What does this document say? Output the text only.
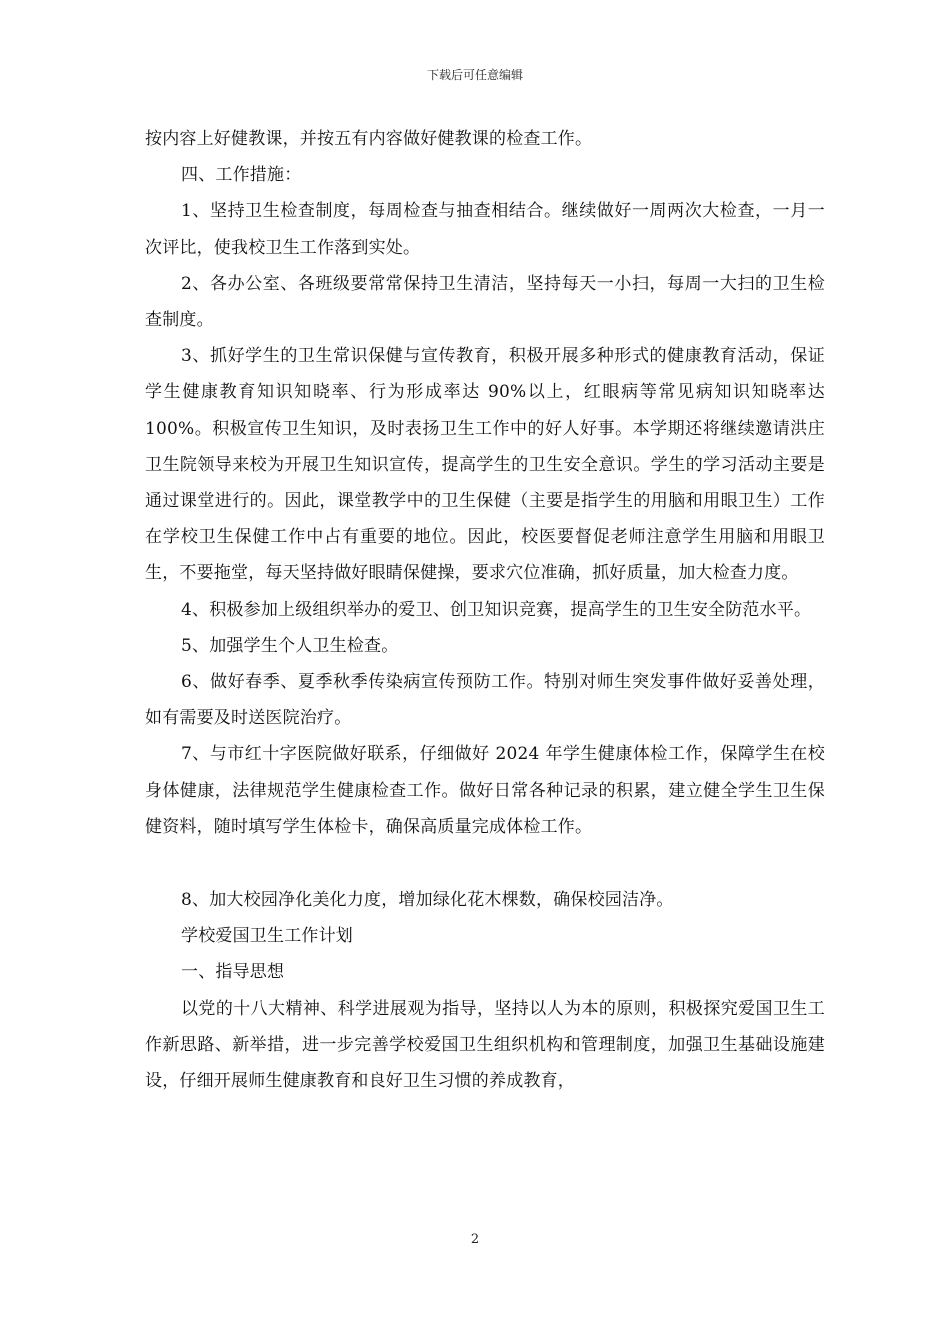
下载后可任意编辑

按内容上好健教课，并按五有内容做好健教课的检查工作。

四、工作措施：

1、坚持卫生检查制度，每周检查与抽查相结合。继续做好一周两次大检查，一月一次评比，使我校卫生工作落到实处。

2、各办公室、各班级要常常保持卫生清洁，坚持每天一小扫，每周一大扫的卫生检查制度。

3、抓好学生的卫生常识保健与宣传教育，积极开展多种形式的健康教育活动，保证学生健康教育知识知晓率、行为形成率达 90%以上，红眼病等常见病知识知晓率达 100%。积极宣传卫生知识，及时表扬卫生工作中的好人好事。本学期还将继续邀请洪庄卫生院领导来校为开展卫生知识宣传，提高学生的卫生安全意识。学生的学习活动主要是通过课堂进行的。因此，课堂教学中的卫生保健（主要是指学生的用脑和用眼卫生）工作在学校卫生保健工作中占有重要的地位。因此，校医要督促老师注意学生用脑和用眼卫生，不要拖堂，每天坚持做好眼睛保健操，要求穴位准确，抓好质量，加大检查力度。

4、积极参加上级组织举办的爱卫、创卫知识竞赛，提高学生的卫生安全防范水平。

5、加强学生个人卫生检查。

6、做好春季、夏季秋季传染病宣传预防工作。特别对师生突发事件做好妥善处理，如有需要及时送医院治疗。

7、与市红十字医院做好联系，仔细做好 2024 年学生健康体检工作，保障学生在校身体健康，法律规范学生健康检查工作。做好日常各种记录的积累，建立健全学生卫生保健资料，随时填写学生体检卡，确保高质量完成体检工作。

8、加大校园净化美化力度，增加绿化花木棵数，确保校园洁净。

学校爱国卫生工作计划

一、指导思想

以党的十八大精神、科学进展观为指导，坚持以人为本的原则，积极探究爱国卫生工作新思路、新举措，进一步完善学校爱国卫生组织机构和管理制度，加强卫生基础设施建设，仔细开展师生健康教育和良好卫生习惯的养成教育，

2
